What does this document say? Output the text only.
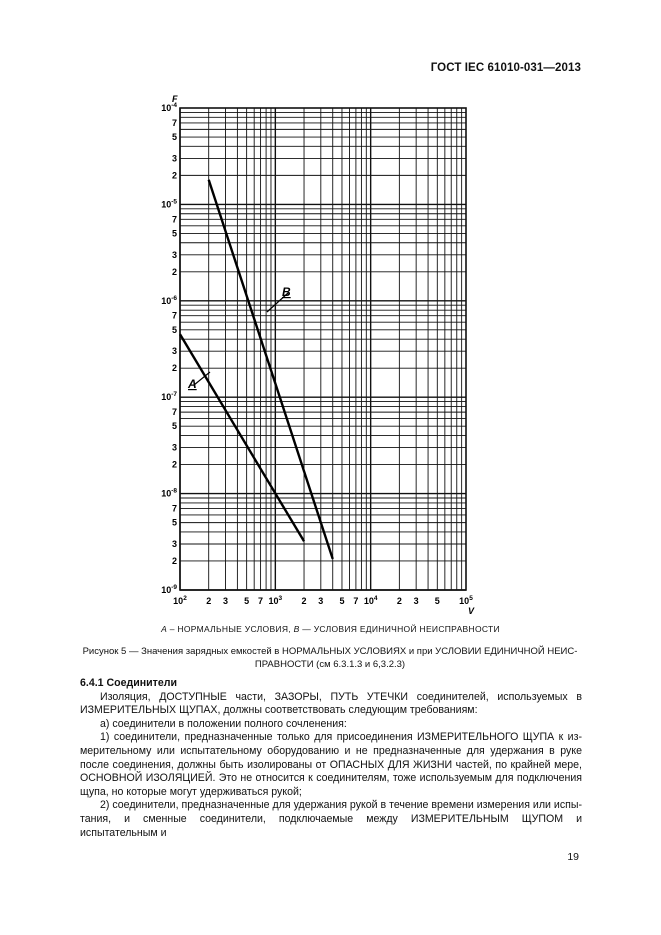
ГОСТ IEC 61010-031—2013
$10^2$ 2 3 5 7 $10^3$ 2 3 5 7 $10^4$ 2 3 5 $10^5$
V
$10^{-4}$
7
5
3
2
$10^{-5}$
7
5
3
2
$10^{-6}$
7
5
3
2
$10^{-7}$
7
5
3
2
$10^{-8}$
7
5
3
2
$10^{-9}$
F
A
B
A – НОРМАЛЬНЫЕ УСЛОВИЯ, B — УСЛОВИЯ ЕДИНИЧНОЙ НЕИСПРАВНОСТИ
Рисунок 5 — Значения зарядных емкостей в НОРМАЛЬНЫХ УСЛОВИЯХ и при УСЛОВИИ ЕДИНИЧНОЙ НЕИСПРАВНОСТИ (см 6.3.1.3 и 6,3.2.3)
6.4.1 Соединители

Изоляция, ДОСТУПНЫЕ части, ЗАЗОРЫ, ПУТЬ УТЕЧКИ соединителей, используемых в ИЗМЕРИТЕЛЬНЫХ ЩУПАХ, должны соответствовать следующим требованиям:

а) соединители в положении полного сочленения:

1) соединители, предназначенные только для присоединения ИЗМЕРИТЕЛЬНОГО ЩУПА к измерительному или испытательному оборудованию и не предназначенные для удержания в руке после соединения, должны быть изолированы от ОПАСНЫХ ДЛЯ ЖИЗНИ частей, по крайней мере, ОСНОВНОЙ ИЗОЛЯЦИЕЙ. Это не относится к соединителям, тоже используемым для подключения щупа, но которые могут удерживаться рукой;

2) соединители, предназначенные для удержания рукой в течение времени измерения или испытания, и сменные соединители, подключаемые между ИЗМЕРИТЕЛЬНЫМ ЩУПОМ и испытательным и

19
